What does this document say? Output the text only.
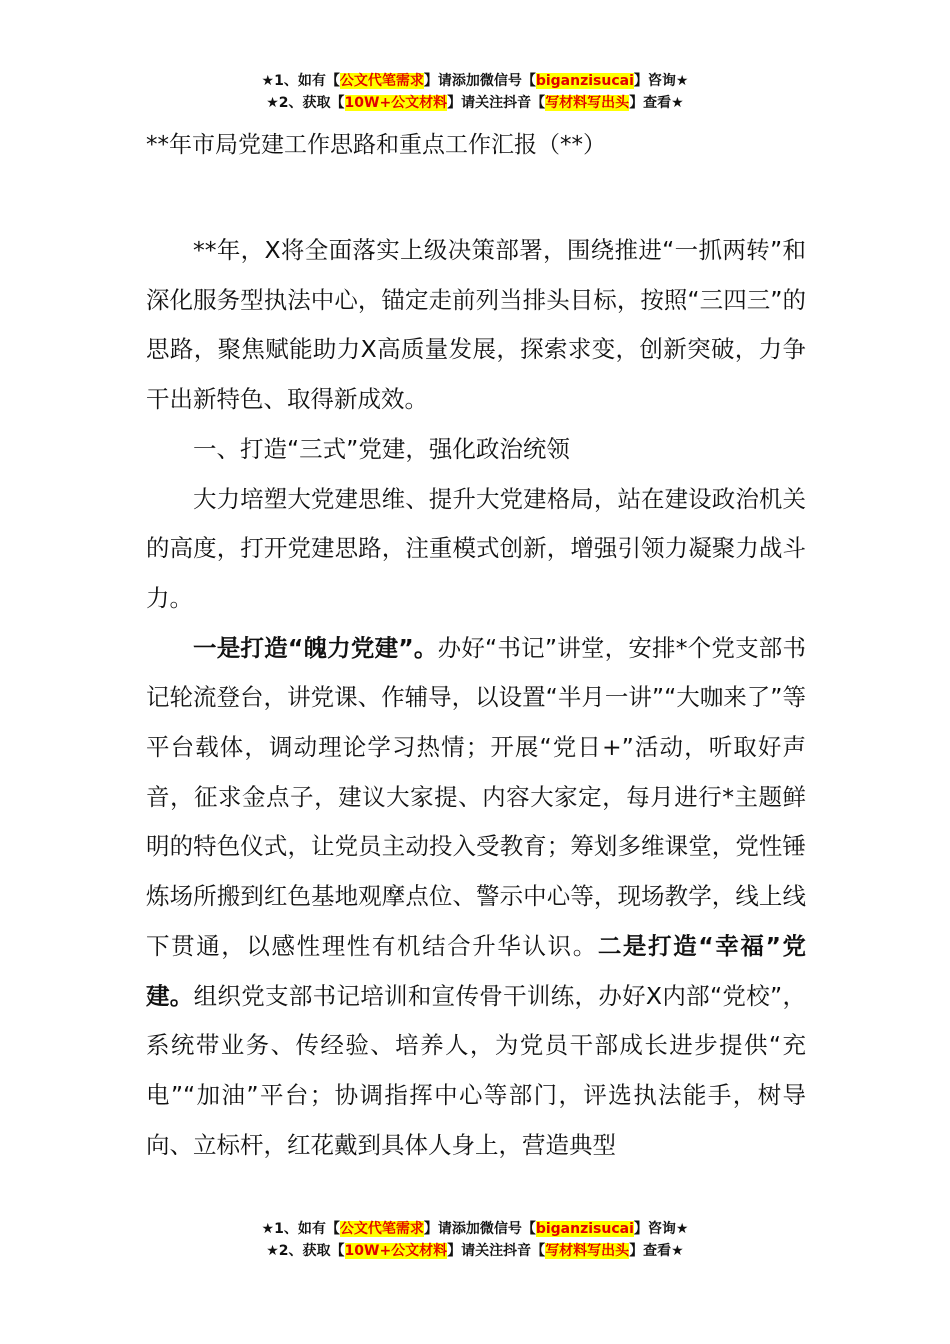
★1、如有【公文代笔需求】请添加微信号【biganzisucai】咨询★
★2、获取【10W+公文材料】请关注抖音【写材料写出头】查看★
**年市局党建工作思路和重点工作汇报（**）

**年，X将全面落实上级决策部署，围绕推进“一抓两转”和深化服务型执法中心，锚定走前列当排头目标，按照“三四三”的思路，聚焦赋能助力X高质量发展，探索求变，创新突破，力争干出新特色、取得新成效。

一、打造“三式”党建，强化政治统领

大力培塑大党建思维、提升大党建格局，站在建设政治机关的高度，打开党建思路，注重模式创新，增强引领力凝聚力战斗力。

一是打造“魄力党建”。办好“书记”讲堂，安排*个党支部书记轮流登台，讲党课、作辅导，以设置“半月一讲”“大咖来了”等平台载体，调动理论学习热情；开展“党日+”活动，听取好声音，征求金点子，建议大家提、内容大家定，每月进行*主题鲜明的特色仪式，让党员主动投入受教育；筹划多维课堂，党性锤炼场所搬到红色基地观摩点位、警示中心等，现场教学，线上线下贯通，以感性理性有机结合升华认识。二是打造“幸福”党建。组织党支部书记培训和宣传骨干训练，办好X内部“党校”，系统带业务、传经验、培养人，为党员干部成长进步提供“充电”“加油”平台；协调指挥中心等部门，评选执法能手，树导向、立标杆，红花戴到具体人身上，营造典型

★1、如有【公文代笔需求】请添加微信号【biganzisucai】咨询★
★2、获取【10W+公文材料】请关注抖音【写材料写出头】查看★
